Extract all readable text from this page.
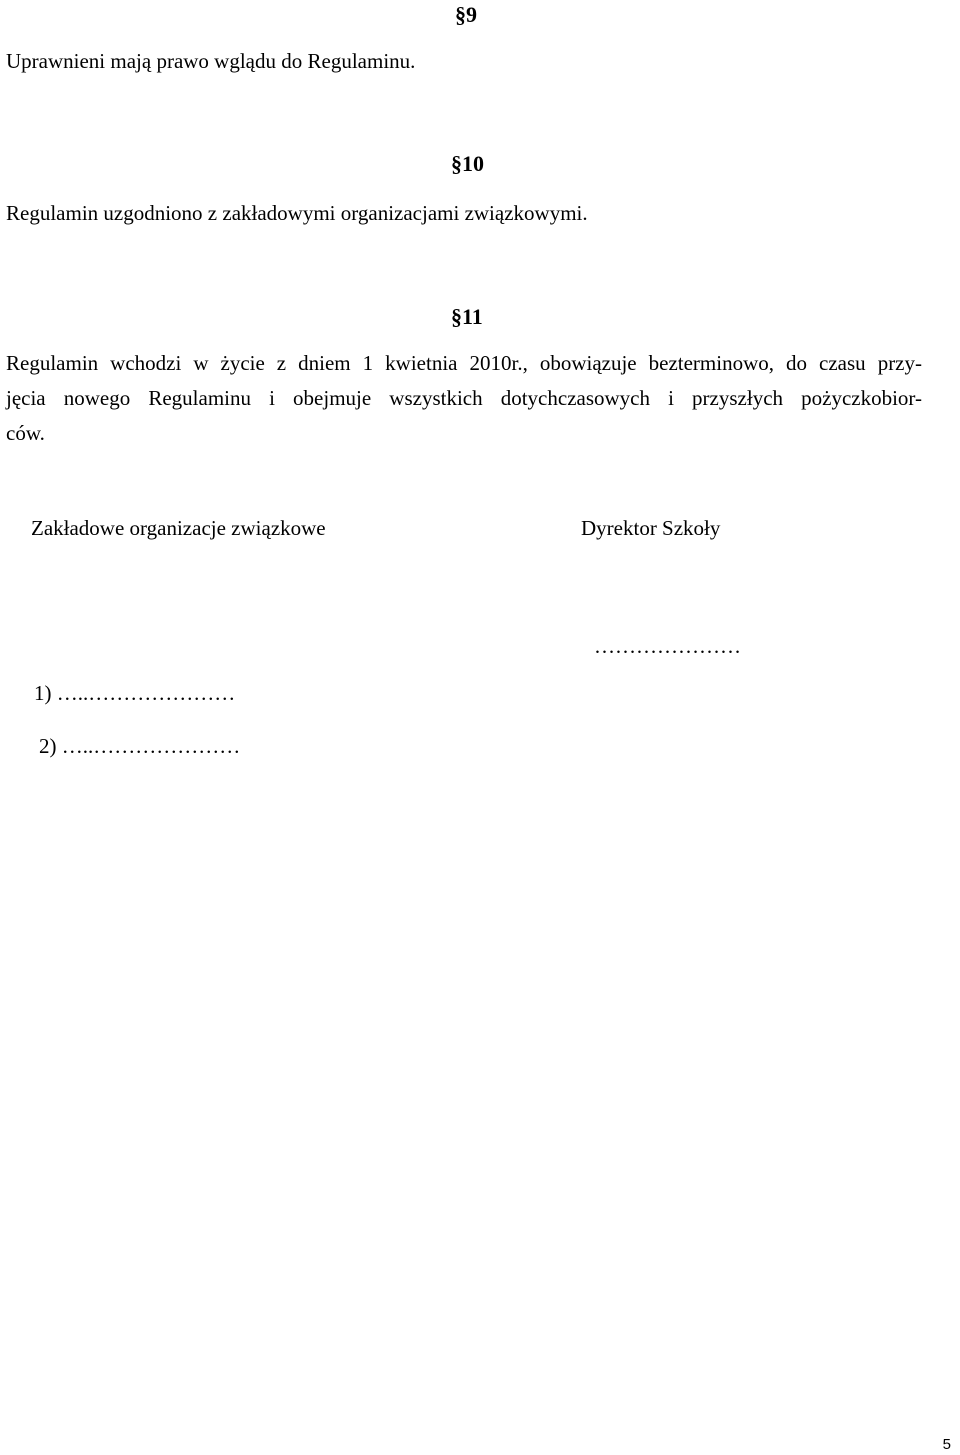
§9

Uprawnieni mają prawo wglądu do Regulaminu.

§10

Regulamin uzgodniono z zakładowymi organizacjami związkowymi.

§11
Regulamin wchodzi w życie z dniem 1 kwietnia 2010r., obowiązuje bezterminowo, do czasu przy-
jęcia nowego Regulaminu i obejmuje wszystkich dotychczasowych i przyszłych pożyczkobior-
ców.
Zakładowe organizacje związkowe	Dyrektor Szkoły
…………………
1) …..…………………
2) …..…………………
5
